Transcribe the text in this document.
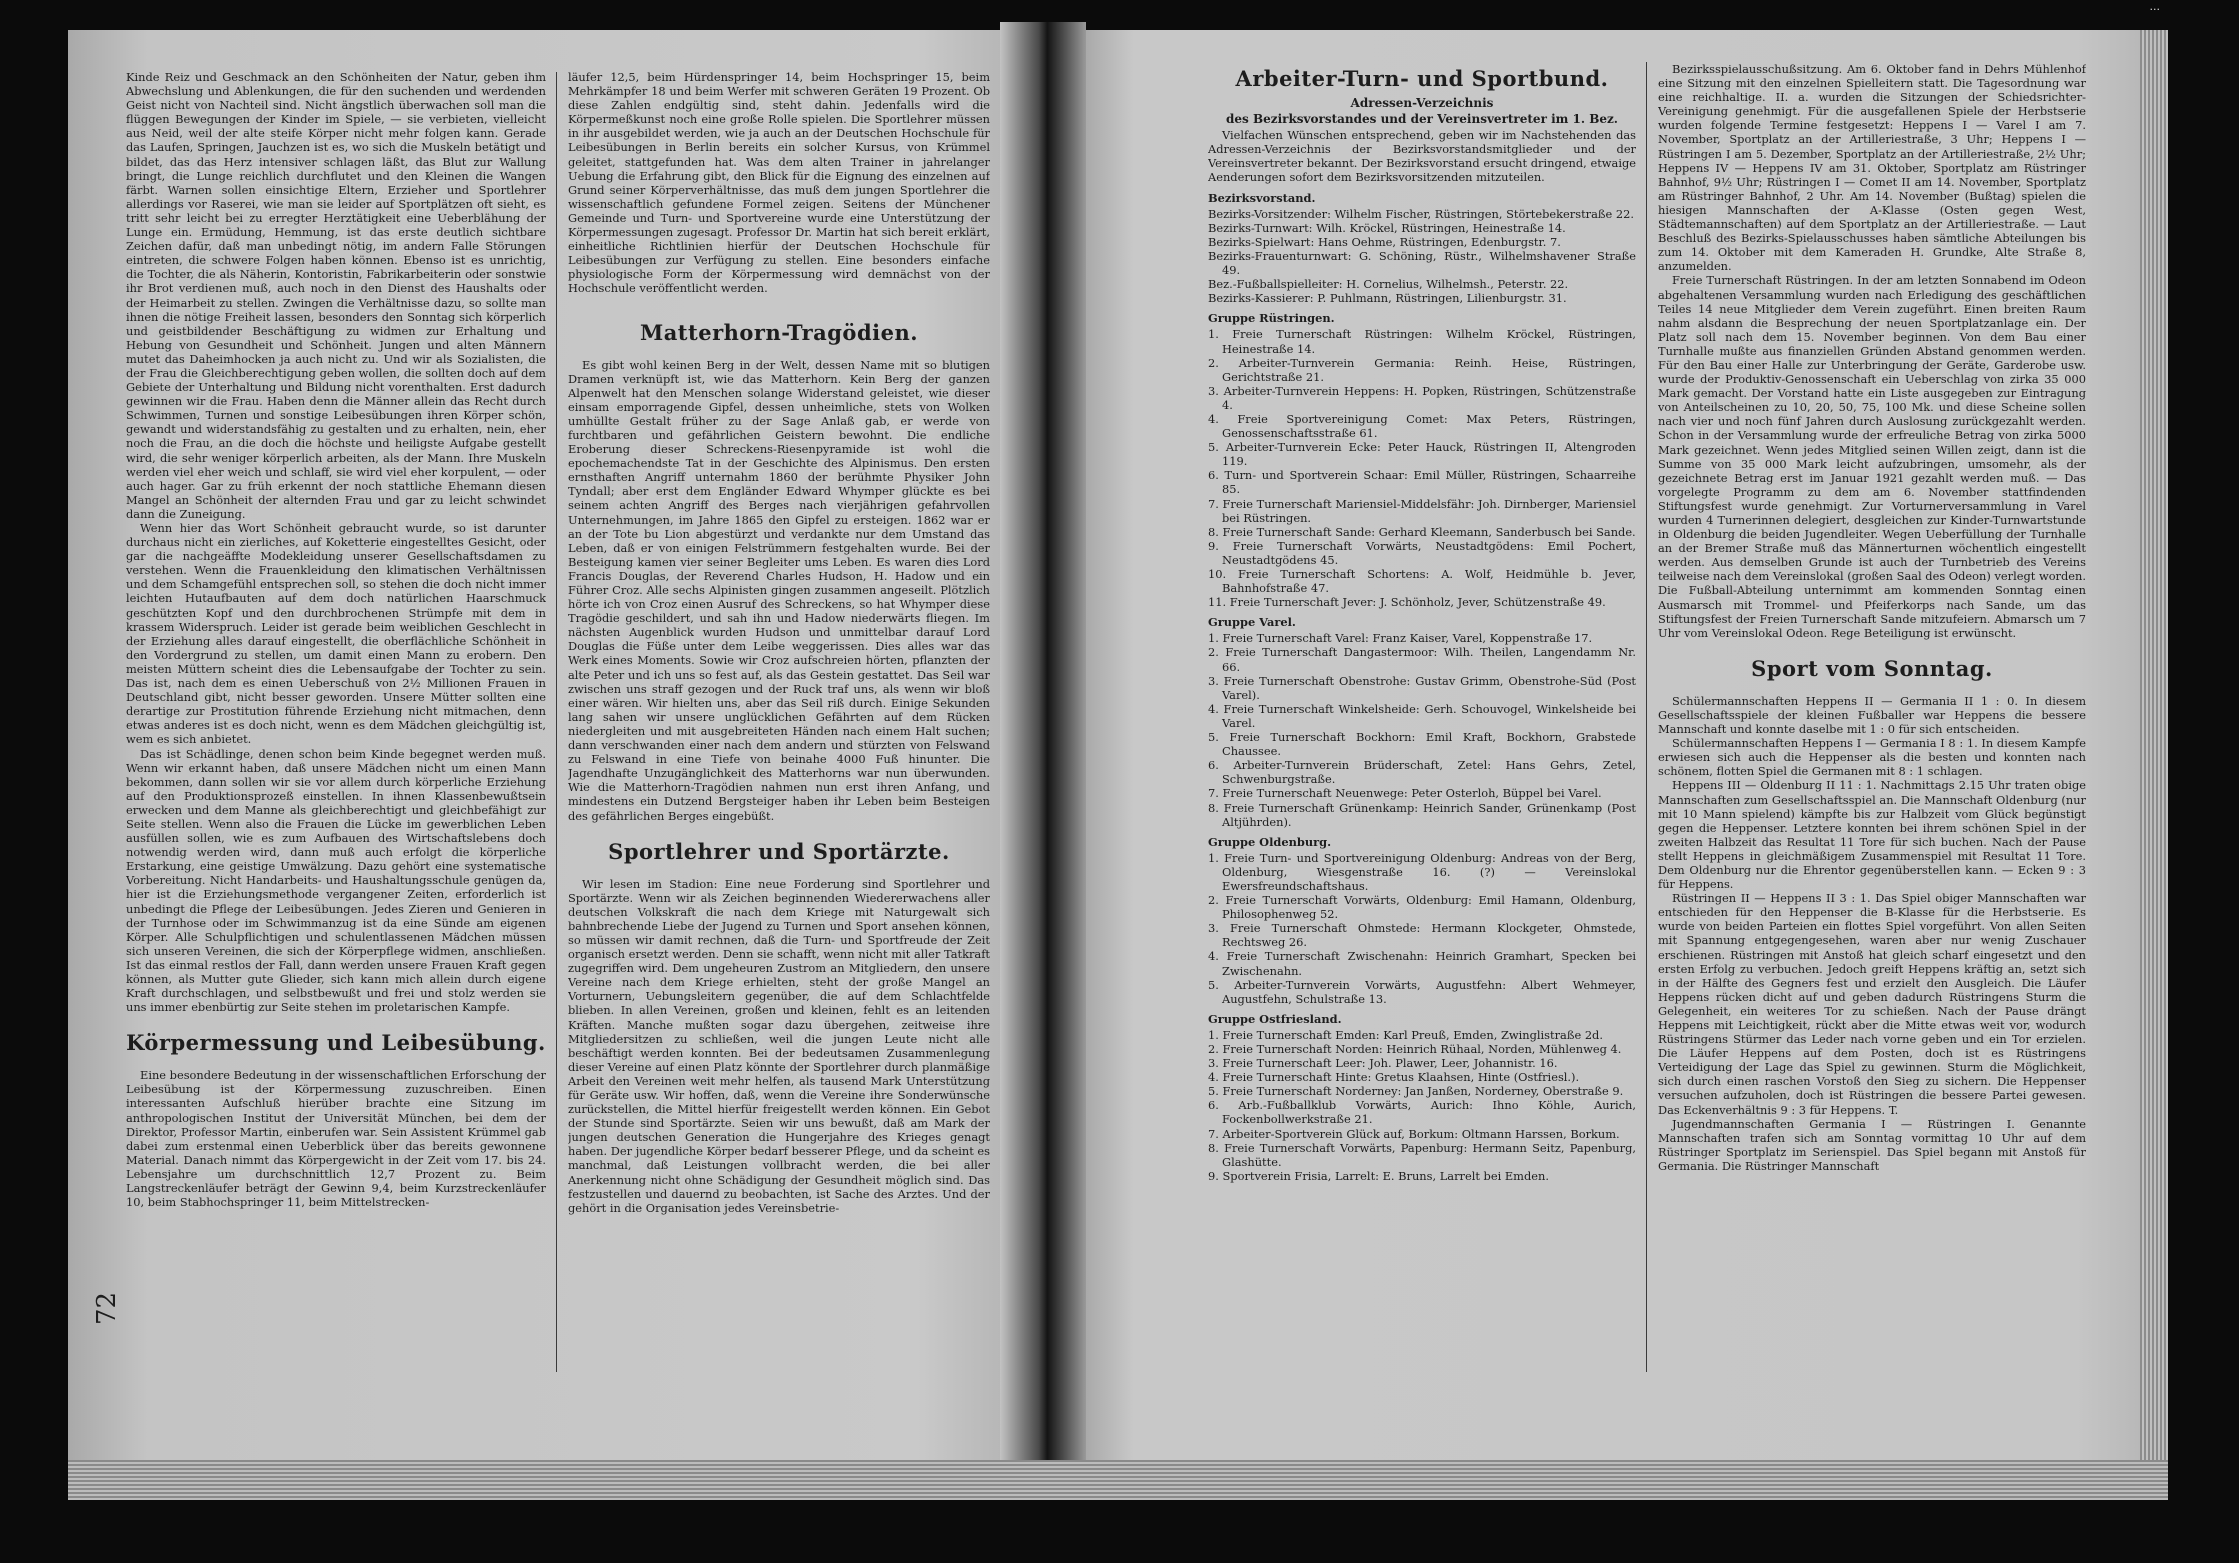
...
72

Kinde Reiz und Geschmack an den Schönheiten der Natur, geben ihm Abwechslung und Ablenkungen, die für den suchenden und werdenden Geist nicht von Nachteil sind. Nicht ängstlich überwachen soll man die flüggen Bewegungen der Kinder im Spiele, — sie verbieten, vielleicht aus Neid, weil der alte steife Körper nicht mehr folgen kann. Gerade das Laufen, Springen, Jauchzen ist es, wo sich die Muskeln betätigt und bildet, das das Herz intensiver schlagen läßt, das Blut zur Wallung bringt, die Lunge reichlich durchflutet und den Kleinen die Wangen färbt. Warnen sollen einsichtige Eltern, Erzieher und Sportlehrer allerdings vor Raserei, wie man sie leider auf Sportplätzen oft sieht, es tritt sehr leicht bei zu erregter Herztätigkeit eine Ueberblähung der Lunge ein. Ermüdung, Hemmung, ist das erste deutlich sichtbare Zeichen dafür, daß man unbedingt nötig, im andern Falle Störungen eintreten, die schwere Folgen haben können. Ebenso ist es unrichtig, die Tochter, die als Näherin, Kontoristin, Fabrikarbeiterin oder sonstwie ihr Brot verdienen muß, auch noch in den Dienst des Haushalts oder der Heimarbeit zu stellen. Zwingen die Verhältnisse dazu, so sollte man ihnen die nötige Freiheit lassen, besonders den Sonntag sich körperlich und geistbildender Beschäftigung zu widmen zur Erhaltung und Hebung von Gesundheit und Schönheit. Jungen und alten Männern mutet das Daheimhocken ja auch nicht zu. Und wir als Sozialisten, die der Frau die Gleichberechtigung geben wollen, die sollten doch auf dem Gebiete der Unterhaltung und Bildung nicht vorenthalten. Erst dadurch gewinnen wir die Frau. Haben denn die Männer allein das Recht durch Schwimmen, Turnen und sonstige Leibesübungen ihren Körper schön, gewandt und widerstandsfähig zu gestalten und zu erhalten, nein, eher noch die Frau, an die doch die höchste und heiligste Aufgabe gestellt wird, die sehr weniger körperlich arbeiten, als der Mann. Ihre Muskeln werden viel eher weich und schlaff, sie wird viel eher korpulent, — oder auch hager. Gar zu früh erkennt der noch stattliche Ehemann diesen Mangel an Schönheit der alternden Frau und gar zu leicht schwindet dann die Zuneigung.

Wenn hier das Wort Schönheit gebraucht wurde, so ist darunter durchaus nicht ein zierliches, auf Koketterie eingestelltes Gesicht, oder gar die nachgeäffte Modekleidung unserer Gesellschaftsdamen zu verstehen. Wenn die Frauenkleidung den klimatischen Verhältnissen und dem Schamgefühl entsprechen soll, so stehen die doch nicht immer leichten Hutaufbauten auf dem doch natürlichen Haarschmuck geschützten Kopf und den durchbrochenen Strümpfe mit dem in krassem Widerspruch. Leider ist gerade beim weiblichen Geschlecht in der Erziehung alles darauf eingestellt, die oberflächliche Schönheit in den Vordergrund zu stellen, um damit einen Mann zu erobern. Den meisten Müttern scheint dies die Lebensaufgabe der Tochter zu sein. Das ist, nach dem es einen Ueberschuß von 2½ Millionen Frauen in Deutschland gibt, nicht besser geworden. Unsere Mütter sollten eine derartige zur Prostitution führende Erziehung nicht mitmachen, denn etwas anderes ist es doch nicht, wenn es dem Mädchen gleichgültig ist, wem es sich anbietet.

Das ist Schädlinge, denen schon beim Kinde begegnet werden muß. Wenn wir erkannt haben, daß unsere Mädchen nicht um einen Mann bekommen, dann sollen wir sie vor allem durch körperliche Erziehung auf den Produktionsprozeß einstellen. In ihnen Klassenbewußtsein erwecken und dem Manne als gleichberechtigt und gleichbefähigt zur Seite stellen. Wenn also die Frauen die Lücke im gewerblichen Leben ausfüllen sollen, wie es zum Aufbauen des Wirtschaftslebens doch notwendig werden wird, dann muß auch erfolgt die körperliche Erstarkung, eine geistige Umwälzung. Dazu gehört eine systematische Vorbereitung. Nicht Handarbeits- und Haushaltungsschule genügen da, hier ist die Erziehungsmethode vergangener Zeiten, erforderlich ist unbedingt die Pflege der Leibesübungen. Jedes Zieren und Genieren in der Turnhose oder im Schwimmanzug ist da eine Sünde am eigenen Körper. Alle Schulpflichtigen und schulentlassenen Mädchen müssen sich unseren Vereinen, die sich der Körperpflege widmen, anschließen. Ist das einmal restlos der Fall, dann werden unsere Frauen Kraft gegen können, als Mutter gute Glieder, sich kann mich allein durch eigene Kraft durchschlagen, und selbstbewußt und frei und stolz werden sie uns immer ebenbürtig zur Seite stehen im proletarischen Kampfe.

Körpermessung und Leibesübung.

Eine besondere Bedeutung in der wissenschaftlichen Erforschung der Leibesübung ist der Körpermessung zuzuschreiben. Einen interessanten Aufschluß hierüber brachte eine Sitzung im anthropologischen Institut der Universität München, bei dem der Direktor, Professor Martin, einberufen war. Sein Assistent Krümmel gab dabei zum erstenmal einen Ueberblick über das bereits gewonnene Material. Danach nimmt das Körpergewicht in der Zeit vom 17. bis 24. Lebensjahre um durchschnittlich 12,7 Prozent zu. Beim Langstreckenläufer beträgt der Gewinn 9,4, beim Kurzstreckenläufer 10, beim Stabhochspringer 11, beim Mittelstrecken-

läufer 12,5, beim Hürdenspringer 14, beim Hochspringer 15, beim Mehrkämpfer 18 und beim Werfer mit schweren Geräten 19 Prozent. Ob diese Zahlen endgültig sind, steht dahin. Jedenfalls wird die Körpermeßkunst noch eine große Rolle spielen. Die Sportlehrer müssen in ihr ausgebildet werden, wie ja auch an der Deutschen Hochschule für Leibesübungen in Berlin bereits ein solcher Kursus, von Krümmel geleitet, stattgefunden hat. Was dem alten Trainer in jahrelanger Uebung die Erfahrung gibt, den Blick für die Eignung des einzelnen auf Grund seiner Körperverhältnisse, das muß dem jungen Sportlehrer die wissenschaftlich gefundene Formel zeigen. Seitens der Münchener Gemeinde und Turn- und Sportvereine wurde eine Unterstützung der Körpermessungen zugesagt. Professor Dr. Martin hat sich bereit erklärt, einheitliche Richtlinien hierfür der Deutschen Hochschule für Leibesübungen zur Verfügung zu stellen. Eine besonders einfache physiologische Form der Körpermessung wird demnächst von der Hochschule veröffentlicht werden.

Matterhorn-Tragödien.

Es gibt wohl keinen Berg in der Welt, dessen Name mit so blutigen Dramen verknüpft ist, wie das Matterhorn. Kein Berg der ganzen Alpenwelt hat den Menschen solange Widerstand geleistet, wie dieser einsam emporragende Gipfel, dessen unheimliche, stets von Wolken umhüllte Gestalt früher zu der Sage Anlaß gab, er werde von furchtbaren und gefährlichen Geistern bewohnt. Die endliche Eroberung dieser Schreckens-Riesenpyramide ist wohl die epochemachendste Tat in der Geschichte des Alpinismus. Den ersten ernsthaften Angriff unternahm 1860 der berühmte Physiker John Tyndall; aber erst dem Engländer Edward Whymper glückte es bei seinem achten Angriff des Berges nach vierjährigen gefahrvollen Unternehmungen, im Jahre 1865 den Gipfel zu ersteigen. 1862 war er an der Tote bu Lion abgestürzt und verdankte nur dem Umstand das Leben, daß er von einigen Felstrümmern festgehalten wurde. Bei der Besteigung kamen vier seiner Begleiter ums Leben. Es waren dies Lord Francis Douglas, der Reverend Charles Hudson, H. Hadow und ein Führer Croz. Alle sechs Alpinisten gingen zusammen angeseilt. Plötzlich hörte ich von Croz einen Ausruf des Schreckens, so hat Whymper diese Tragödie geschildert, und sah ihn und Hadow niederwärts fliegen. Im nächsten Augenblick wurden Hudson und unmittelbar darauf Lord Douglas die Füße unter dem Leibe weggerissen. Dies alles war das Werk eines Moments. Sowie wir Croz aufschreien hörten, pflanzten der alte Peter und ich uns so fest auf, als das Gestein gestattet. Das Seil war zwischen uns straff gezogen und der Ruck traf uns, als wenn wir bloß einer wären. Wir hielten uns, aber das Seil riß durch. Einige Sekunden lang sahen wir unsere unglücklichen Gefährten auf dem Rücken niedergleiten und mit ausgebreiteten Händen nach einem Halt suchen; dann verschwanden einer nach dem andern und stürzten von Felswand zu Felswand in eine Tiefe von beinahe 4000 Fuß hinunter. Die Jagendhafte Unzugänglichkeit des Matterhorns war nun überwunden. Wie die Matterhorn-Tragödien nahmen nun erst ihren Anfang, und mindestens ein Dutzend Bergsteiger haben ihr Leben beim Besteigen des gefährlichen Berges eingebüßt.

Sportlehrer und Sportärzte.

Wir lesen im Stadion: Eine neue Forderung sind Sportlehrer und Sportärzte. Wenn wir als Zeichen beginnenden Wiedererwachens aller deutschen Volkskraft die nach dem Kriege mit Naturgewalt sich bahnbrechende Liebe der Jugend zu Turnen und Sport ansehen können, so müssen wir damit rechnen, daß die Turn- und Sportfreude der Zeit organisch ersetzt werden. Denn sie schafft, wenn nicht mit aller Tatkraft zugegriffen wird. Dem ungeheuren Zustrom an Mitgliedern, den unsere Vereine nach dem Kriege erhielten, steht der große Mangel an Vorturnern, Uebungsleitern gegenüber, die auf dem Schlachtfelde blieben. In allen Vereinen, großen und kleinen, fehlt es an leitenden Kräften. Manche mußten sogar dazu übergehen, zeitweise ihre Mitgliedersitzen zu schließen, weil die jungen Leute nicht alle beschäftigt werden konnten. Bei der bedeutsamen Zusammenlegung dieser Vereine auf einen Platz könnte der Sportlehrer durch planmäßige Arbeit den Vereinen weit mehr helfen, als tausend Mark Unterstützung für Geräte usw. Wir hoffen, daß, wenn die Vereine ihre Sonderwünsche zurückstellen, die Mittel hierfür freigestellt werden können. Ein Gebot der Stunde sind Sportärzte. Seien wir uns bewußt, daß am Mark der jungen deutschen Generation die Hungerjahre des Krieges genagt haben. Der jugendliche Körper bedarf besserer Pflege, und da scheint es manchmal, daß Leistungen vollbracht werden, die bei aller Anerkennung nicht ohne Schädigung der Gesundheit möglich sind. Das festzustellen und dauernd zu beobachten, ist Sache des Arztes. Und der gehört in die Organisation jedes Vereinsbetrie-

Arbeiter-Turn- und Sportbund.
Adressen-Verzeichnis
des Bezirksvorstandes und der Vereinsvertreter im 1. Bez.

Vielfachen Wünschen entsprechend, geben wir im Nachstehenden das Adressen-Verzeichnis der Bezirksvorstandsmitglieder und der Vereinsvertreter bekannt. Der Bezirksvorstand ersucht dringend, etwaige Aenderungen sofort dem Bezirksvorsitzenden mitzuteilen.

Bezirksvorstand.
Bezirks-Vorsitzender: Wilhelm Fischer, Rüstringen, Störtebekerstraße 22.
Bezirks-Turnwart: Wilh. Kröckel, Rüstringen, Heinestraße 14.
Bezirks-Spielwart: Hans Oehme, Rüstringen, Edenburgstr. 7.
Bezirks-Frauenturnwart: G. Schöning, Rüstr., Wilhelmshavener Straße 49.
Bez.-Fußballspielleiter: H. Cornelius, Wilhelmsh., Peterstr. 22.
Bezirks-Kassierer: P. Puhlmann, Rüstringen, Lilienburgstr. 31.
Gruppe Rüstringen.
1. Freie Turnerschaft Rüstringen: Wilhelm Kröckel, Rüstringen, Heinestraße 14.
2. Arbeiter-Turnverein Germania: Reinh. Heise, Rüstringen, Gerichtstraße 21.
3. Arbeiter-Turnverein Heppens: H. Popken, Rüstringen, Schützenstraße 4.
4. Freie Sportvereinigung Comet: Max Peters, Rüstringen, Genossenschaftsstraße 61.
5. Arbeiter-Turnverein Ecke: Peter Hauck, Rüstringen II, Altengroden 119.
6. Turn- und Sportverein Schaar: Emil Müller, Rüstringen, Schaarreihe 85.
7. Freie Turnerschaft Mariensiel-Middelsfähr: Joh. Dirnberger, Mariensiel bei Rüstringen.
8. Freie Turnerschaft Sande: Gerhard Kleemann, Sanderbusch bei Sande.
9. Freie Turnerschaft Vorwärts, Neustadtgödens: Emil Pochert, Neustadtgödens 45.
10. Freie Turnerschaft Schortens: A. Wolf, Heidmühle b. Jever, Bahnhofstraße 47.
11. Freie Turnerschaft Jever: J. Schönholz, Jever, Schützenstraße 49.
Gruppe Varel.
1. Freie Turnerschaft Varel: Franz Kaiser, Varel, Koppenstraße 17.
2. Freie Turnerschaft Dangastermoor: Wilh. Theilen, Langendamm Nr. 66.
3. Freie Turnerschaft Obenstrohe: Gustav Grimm, Obenstrohe-Süd (Post Varel).
4. Freie Turnerschaft Winkelsheide: Gerh. Schouvogel, Winkelsheide bei Varel.
5. Freie Turnerschaft Bockhorn: Emil Kraft, Bockhorn, Grabstede Chaussee.
6. Arbeiter-Turnverein Brüderschaft, Zetel: Hans Gehrs, Zetel, Schwenburgstraße.
7. Freie Turnerschaft Neuenwege: Peter Osterloh, Büppel bei Varel.
8. Freie Turnerschaft Grünenkamp: Heinrich Sander, Grünenkamp (Post Altjührden).
Gruppe Oldenburg.
1. Freie Turn- und Sportvereinigung Oldenburg: Andreas von der Berg, Oldenburg, Wiesgenstraße 16. (?) — Vereinslokal Ewersfreundschaftshaus.
2. Freie Turnerschaft Vorwärts, Oldenburg: Emil Hamann, Oldenburg, Philosophenweg 52.
3. Freie Turnerschaft Ohmstede: Hermann Klockgeter, Ohmstede, Rechtsweg 26.
4. Freie Turnerschaft Zwischenahn: Heinrich Gramhart, Specken bei Zwischenahn.
5. Arbeiter-Turnverein Vorwärts, Augustfehn: Albert Wehmeyer, Augustfehn, Schulstraße 13.
Gruppe Ostfriesland.
1. Freie Turnerschaft Emden: Karl Preuß, Emden, Zwinglistraße 2d.
2. Freie Turnerschaft Norden: Heinrich Rühaal, Norden, Mühlenweg 4.
3. Freie Turnerschaft Leer: Joh. Plawer, Leer, Johannistr. 16.
4. Freie Turnerschaft Hinte: Gretus Klaahsen, Hinte (Ostfriesl.).
5. Freie Turnerschaft Norderney: Jan Janßen, Norderney, Oberstraße 9.
6. Arb.-Fußballklub Vorwärts, Aurich: Ihno Köhle, Aurich, Fockenbollwerkstraße 21.
7. Arbeiter-Sportverein Glück auf, Borkum: Oltmann Harssen, Borkum.
8. Freie Turnerschaft Vorwärts, Papenburg: Hermann Seitz, Papenburg, Glashütte.
9. Sportverein Frisia, Larrelt: E. Bruns, Larrelt bei Emden.

Bezirksspielausschußsitzung. Am 6. Oktober fand in Dehrs Mühlenhof eine Sitzung mit den einzelnen Spielleitern statt. Die Tagesordnung war eine reichhaltige. II. a. wurden die Sitzungen der Schiedsrichter-Vereinigung genehmigt. Für die ausgefallenen Spiele der Herbstserie wurden folgende Termine festgesetzt: Heppens I — Varel I am 7. November, Sportplatz an der Artilleriestraße, 3 Uhr; Heppens I — Rüstringen I am 5. Dezember, Sportplatz an der Artilleriestraße, 2½ Uhr; Heppens IV — Heppens IV am 31. Oktober, Sportplatz am Rüstringer Bahnhof, 9½ Uhr; Rüstringen I — Comet II am 14. November, Sportplatz am Rüstringer Bahnhof, 2 Uhr. Am 14. November (Bußtag) spielen die hiesigen Mannschaften der A-Klasse (Osten gegen West, Städtemannschaften) auf dem Sportplatz an der Artilleriestraße. — Laut Beschluß des Bezirks-Spielausschusses haben sämtliche Abteilungen bis zum 14. Oktober mit dem Kameraden H. Grundke, Alte Straße 8, anzumelden.

Freie Turnerschaft Rüstringen. In der am letzten Sonnabend im Odeon abgehaltenen Versammlung wurden nach Erledigung des geschäftlichen Teiles 14 neue Mitglieder dem Verein zugeführt. Einen breiten Raum nahm alsdann die Besprechung der neuen Sportplatzanlage ein. Der Platz soll nach dem 15. November beginnen. Von dem Bau einer Turnhalle mußte aus finanziellen Gründen Abstand genommen werden. Für den Bau einer Halle zur Unterbringung der Geräte, Garderobe usw. wurde der Produktiv-Genossenschaft ein Ueberschlag von zirka 35 000 Mark gemacht. Der Vorstand hatte ein Liste ausgegeben zur Eintragung von Anteilscheinen zu 10, 20, 50, 75, 100 Mk. und diese Scheine sollen nach vier und noch fünf Jahren durch Auslosung zurückgezahlt werden. Schon in der Versammlung wurde der erfreuliche Betrag von zirka 5000 Mark gezeichnet. Wenn jedes Mitglied seinen Willen zeigt, dann ist die Summe von 35 000 Mark leicht aufzubringen, umsomehr, als der gezeichnete Betrag erst im Januar 1921 gezahlt werden muß. — Das vorgelegte Programm zu dem am 6. November stattfindenden Stiftungsfest wurde genehmigt. Zur Vorturnerversammlung in Varel wurden 4 Turnerinnen delegiert, desgleichen zur Kinder-Turnwartstunde in Oldenburg die beiden Jugendleiter. Wegen Ueberfüllung der Turnhalle an der Bremer Straße muß das Männerturnen wöchentlich eingestellt werden. Aus demselben Grunde ist auch der Turnbetrieb des Vereins teilweise nach dem Vereinslokal (großen Saal des Odeon) verlegt worden. Die Fußball-Abteilung unternimmt am kommenden Sonntag einen Ausmarsch mit Trommel- und Pfeiferkorps nach Sande, um das Stiftungsfest der Freien Turnerschaft Sande mitzufeiern. Abmarsch um 7 Uhr vom Vereinslokal Odeon. Rege Beteiligung ist erwünscht.

Sport vom Sonntag.

Schülermannschaften Heppens II — Germania II 1 : 0. In diesem Gesellschaftsspiele der kleinen Fußballer war Heppens die bessere Mannschaft und konnte daselbe mit 1 : 0 für sich entscheiden.

Schülermannschaften Heppens I — Germania I 8 : 1. In diesem Kampfe erwiesen sich auch die Heppenser als die besten und konnten nach schönem, flotten Spiel die Germanen mit 8 : 1 schlagen.

Heppens III — Oldenburg II 11 : 1. Nachmittags 2.15 Uhr traten obige Mannschaften zum Gesellschaftsspiel an. Die Mannschaft Oldenburg (nur mit 10 Mann spielend) kämpfte bis zur Halbzeit vom Glück begünstigt gegen die Heppenser. Letztere konnten bei ihrem schönen Spiel in der zweiten Halbzeit das Resultat 11 Tore für sich buchen. Nach der Pause stellt Heppens in gleichmäßigem Zusammenspiel mit Resultat 11 Tore. Dem Oldenburg nur die Ehrentor gegenüberstellen kann. — Ecken 9 : 3 für Heppens.

Rüstringen II — Heppens II 3 : 1. Das Spiel obiger Mannschaften war entschieden für den Heppenser die B-Klasse für die Herbstserie. Es wurde von beiden Parteien ein flottes Spiel vorgeführt. Von allen Seiten mit Spannung entgegengesehen, waren aber nur wenig Zuschauer erschienen. Rüstringen mit Anstoß hat gleich scharf eingesetzt und den ersten Erfolg zu verbuchen. Jedoch greift Heppens kräftig an, setzt sich in der Hälfte des Gegners fest und erzielt den Ausgleich. Die Läufer Heppens rücken dicht auf und geben dadurch Rüstringens Sturm die Gelegenheit, ein weiteres Tor zu schießen. Nach der Pause drängt Heppens mit Leichtigkeit, rückt aber die Mitte etwas weit vor, wodurch Rüstringens Stürmer das Leder nach vorne geben und ein Tor erzielen. Die Läufer Heppens auf dem Posten, doch ist es Rüstringens Verteidigung der Lage das Spiel zu gewinnen. Sturm die Möglichkeit, sich durch einen raschen Vorstoß den Sieg zu sichern. Die Heppenser versuchen aufzuholen, doch ist Rüstringen die bessere Partei gewesen. Das Eckenverhältnis 9 : 3 für Heppens. T.

Jugendmannschaften Germania I — Rüstringen I. Genannte Mannschaften trafen sich am Sonntag vormittag 10 Uhr auf dem Rüstringer Sportplatz im Serienspiel. Das Spiel begann mit Anstoß für Germania. Die Rüstringer Mannschaft
